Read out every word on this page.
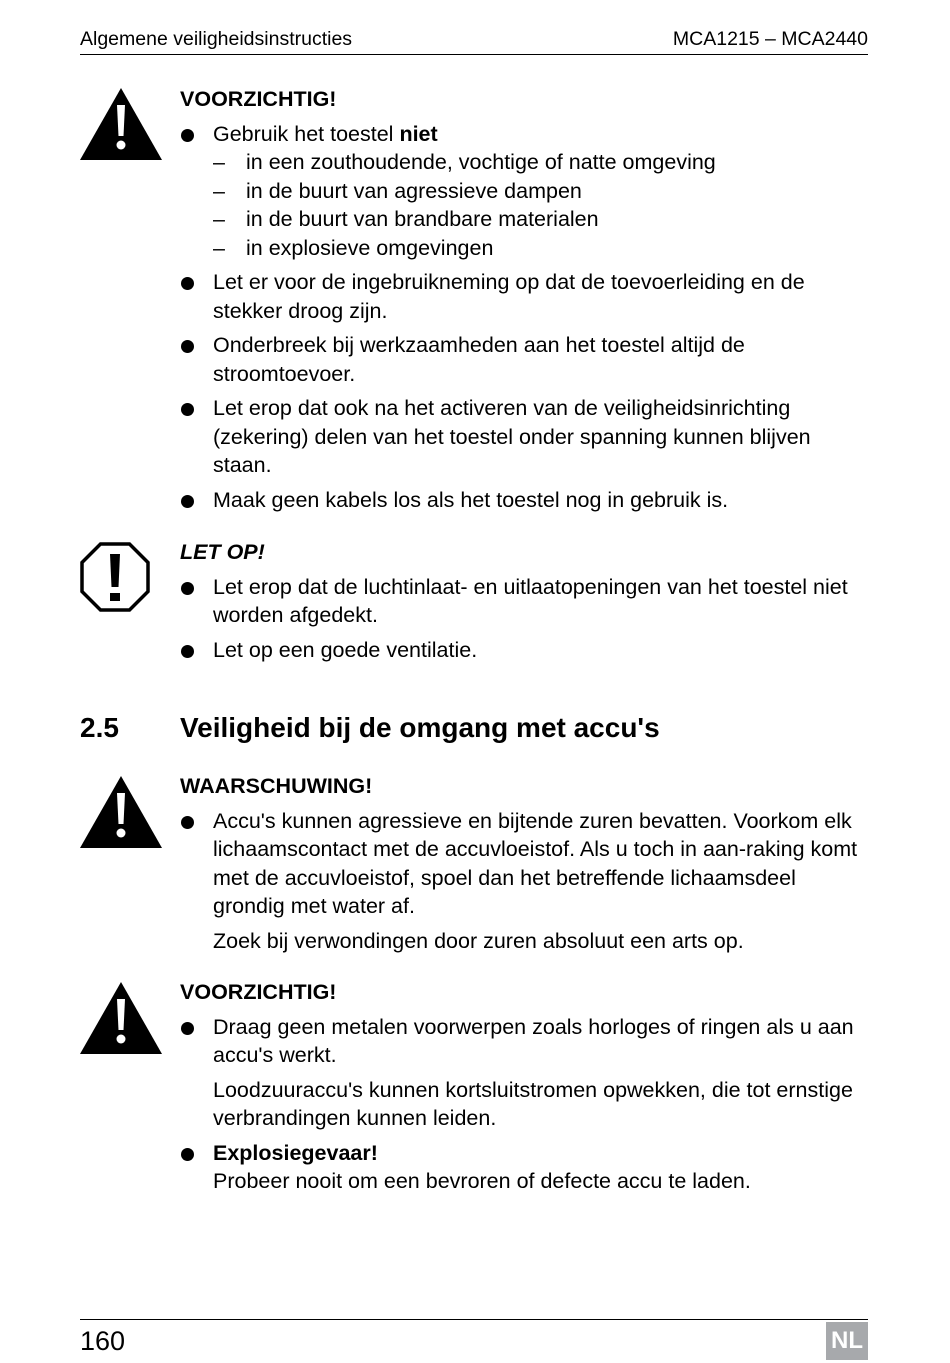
Algemene veiligheidsinstructies	MCA1215 – MCA2440
VOORZICHTIG!
Gebruik het toestel niet
– in een zouthoudende, vochtige of natte omgeving
– in de buurt van agressieve dampen
– in de buurt van brandbare materialen
– in explosieve omgevingen
Let er voor de ingebruikneming op dat de toevoerleiding en de stekker droog zijn.
Onderbreek bij werkzaamheden aan het toestel altijd de stroomtoevoer.
Let erop dat ook na het activeren van de veiligheidsinrichting (zekering) delen van het toestel onder spanning kunnen blijven staan.
Maak geen kabels los als het toestel nog in gebruik is.
LET OP!
Let erop dat de luchtinlaat- en uitlaatopeningen van het toestel niet worden afgedekt.
Let op een goede ventilatie.
2.5 Veiligheid bij de omgang met accu's
WAARSCHUWING!
Accu's kunnen agressieve en bijtende zuren bevatten. Voorkom elk lichaamscontact met de accuvloeistof. Als u toch in aan-raking komt met de accuvloeistof, spoel dan het betreffende lichaamsdeel grondig met water af.
Zoek bij verwondingen door zuren absoluut een arts op.
VOORZICHTIG!
Draag geen metalen voorwerpen zoals horloges of ringen als u aan accu's werkt.
Loodzuuraccu's kunnen kortsluitstromen opwekken, die tot ernstige verbrandingen kunnen leiden.
Explosiegevaar!
Probeer nooit om een bevroren of defecte accu te laden.
160	NL
